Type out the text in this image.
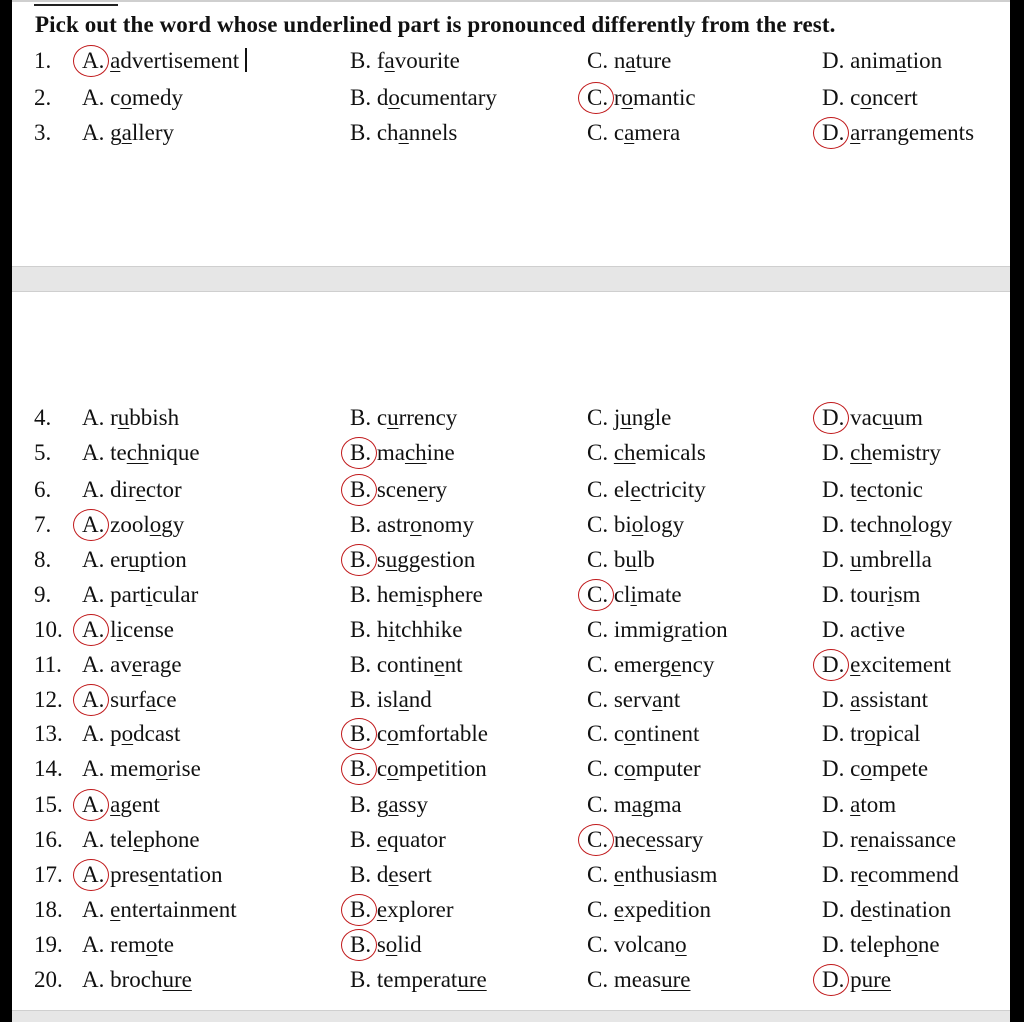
Pick out the word whose underlined part is pronounced differently from the rest.
1. A. advertisement	B. favourite	C. nature	D. animation
2. A. comedy	B. documentary	C. romantic	D. concert
3. A. gallery	B. channels	C. camera	D. arrangements
4. A. rubbish	B. currency	C. jungle	D. vacuum
5. A. technique	B. machine	C. chemicals	D. chemistry
6. A. director	B. scenery	C. electricity	D. tectonic
7. A. zoology	B. astronomy	C. biology	D. technology
8. A. eruption	B. suggestion	C. bulb	D. umbrella
9. A. particular	B. hemisphere	C. climate	D. tourism
10. A. license	B. hitchhike	C. immigration	D. active
11. A. average	B. continent	C. emergency	D. excitement
12. A. surface	B. island	C. servant	D. assistant
13. A. podcast	B. comfortable	C. continent	D. tropical
14. A. memorise	B. competition	C. computer	D. compete
15. A. agent	B. gassy	C. magma	D. atom
16. A. telephone	B. equator	C. necessary	D. renaissance
17. A. presentation	B. desert	C. enthusiasm	D. recommend
18. A. entertainment	B. explorer	C. expedition	D. destination
19. A. remote	B. solid	C. volcano	D. telephone
20. A. brochure	B. temperature	C. measure	D. pure
